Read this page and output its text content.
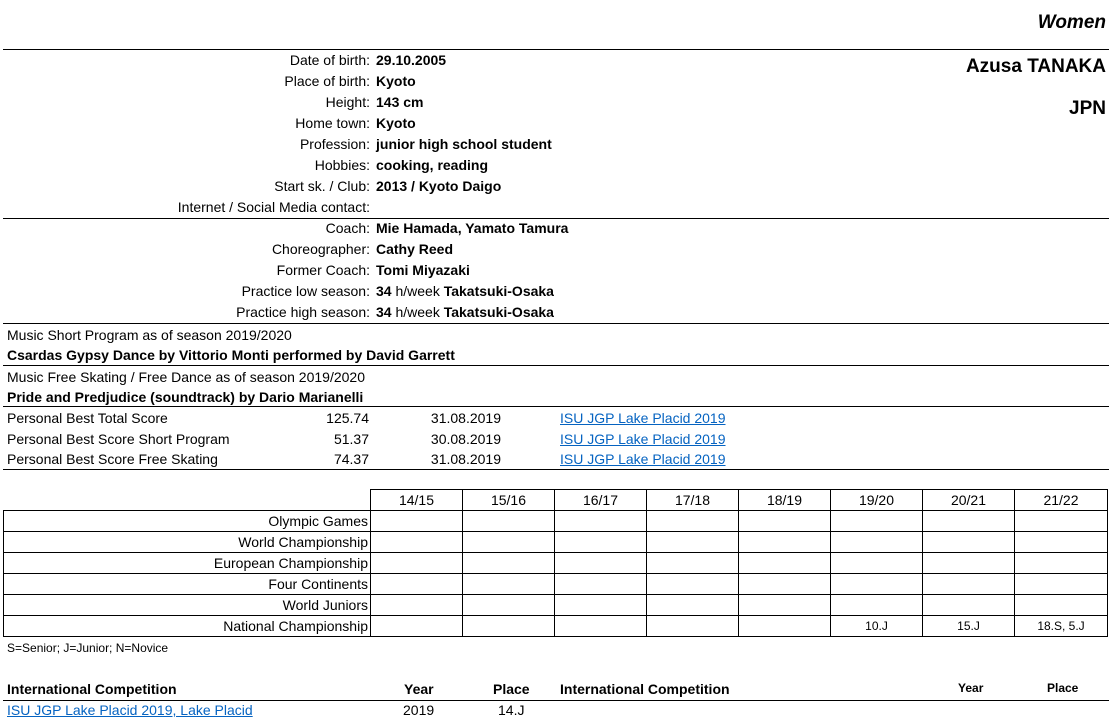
Women
Azusa TANAKA
JPN
Date of birth: 29.10.2005
Place of birth: Kyoto
Height: 143 cm
Home town: Kyoto
Profession: junior high school student
Hobbies: cooking, reading
Start sk. / Club: 2013 / Kyoto Daigo
Internet / Social Media contact:
Coach: Mie Hamada, Yamato Tamura
Choreographer: Cathy Reed
Former Coach: Tomi Miyazaki
Practice low season: 34 h/week Takatsuki-Osaka
Practice high season: 34 h/week Takatsuki-Osaka
Music Short Program as of season 2019/2020
Csardas Gypsy Dance by Vittorio Monti performed by David Garrett
Music Free Skating / Free Dance as of season 2019/2020
Pride and Predjudice (soundtrack) by Dario Marianelli
Personal Best Total Score	125.74	31.08.2019	ISU JGP Lake Placid 2019
Personal Best Score Short Program	51.37	30.08.2019	ISU JGP Lake Placid 2019
Personal Best Score Free Skating	74.37	31.08.2019	ISU JGP Lake Placid 2019
	14/15	15/16	16/17	17/18	18/19	19/20	20/21	21/22
Olympic Games								
World Championship								
European Championship								
Four Continents								
World Juniors								
National Championship						10.J	15.J	18.S, 5.J
S=Senior; J=Junior; N=Novice
International Competition	Year	Place International Competition	Year	Place
ISU JGP Lake Placid 2019, Lake Placid	2019	14.J
